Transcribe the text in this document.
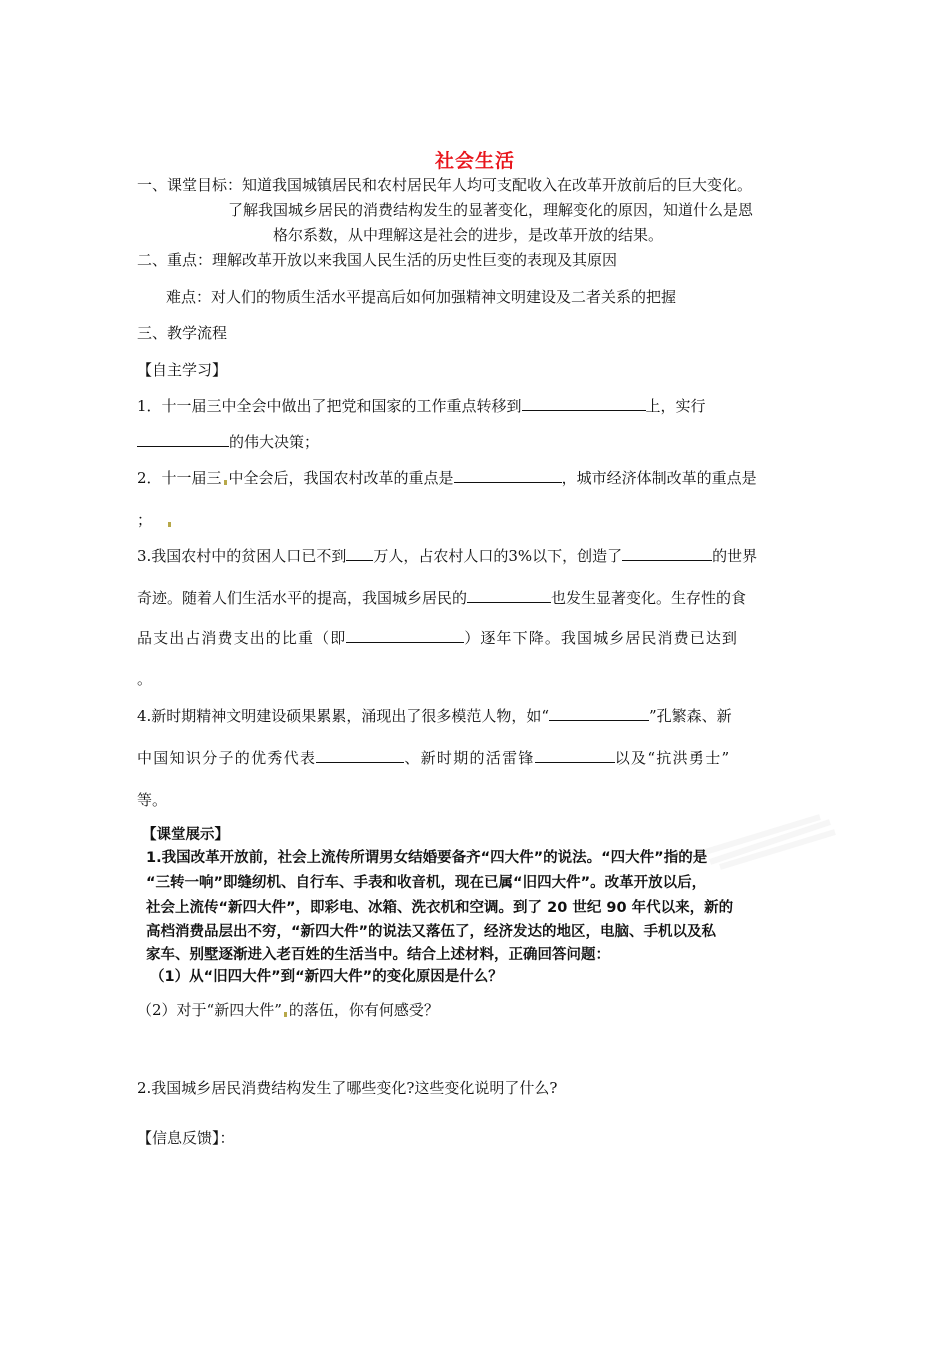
社会生活
一、课堂目标：知道我国城镇居民和农村居民年人均可支配收入在改革开放前后的巨大变化。
了解我国城乡居民的消费结构发生的显著变化，理解变化的原因，知道什么是恩
格尔系数，从中理解这是社会的进步，是改革开放的结果。
二、重点：理解改革开放以来我国人民生活的历史性巨变的表现及其原因
难点：对人们的物质生活水平提高后如何加强精神文明建设及二者关系的把握
三、教学流程
【自主学习】
1．十一届三中全会中做出了把党和国家的工作重点转移到	上，实行
的伟大决策；
2．十一届三 中全会后，我国农村改革的重点是	，城市经济体制改革的重点是
；
3.我国农村中的贫困人口已不到 万人，占农村人口的3%以下，创造了	的世界
奇迹。随着人们生活水平的提高，我国城乡居民的	也发生显著变化。生存性的食
品支出占消费支出的比重（即	）逐年下降。我国城乡居民消费已达到
。
4.新时期精神文明建设硕果累累，涌现出了很多模范人物，如“	”孔繁森、新
中国知识分子的优秀代表	、新时期的活雷锋	以及“抗洪勇士”
等。
【课堂展示】
1.我国改革开放前，社会上流传所谓男女结婚要备齐“四大件”的说法。“四大件”指的是
“三转一响”即缝纫机、自行车、手表和收音机，现在已属“旧四大件”。改革开放以后，
社会上流传“新四大件”，即彩电、冰箱、洗衣机和空调。到了 20 世纪 90 年代以来，新的
高档消费品层出不穷，“新四大件”的说法又落伍了，经济发达的地区，电脑、手机以及私
家车、别墅逐渐进入老百姓的生活当中。结合上述材料，正确回答问题：
（1）从“旧四大件”到“新四大件”的变化原因是什么？
（2）对于“新四大件” 的落伍，你有何感受？
2.我国城乡居民消费结构发生了哪些变化?这些变化说明了什么?
【信息反馈】：
